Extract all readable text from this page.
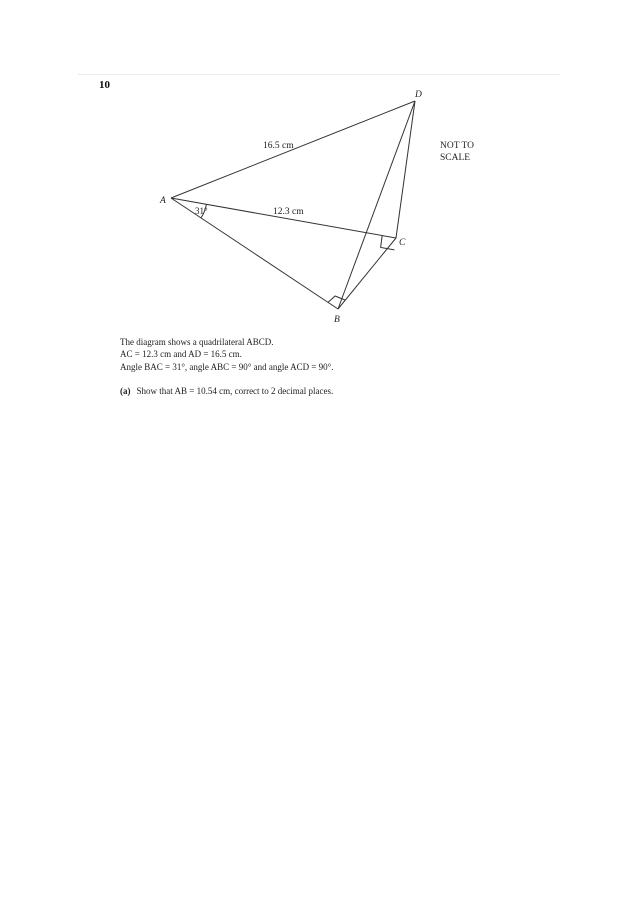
10
A
B
C
D
16.5 cm
12.3 cm
31°
NOT TO
SCALE
The diagram shows a quadrilateral ABCD.
AC = 12.3 cm and AD = 16.5 cm.
Angle BAC = 31°, angle ABC = 90° and angle ACD = 90°.
(a) Show that AB = 10.54 cm, correct to 2 decimal places.
